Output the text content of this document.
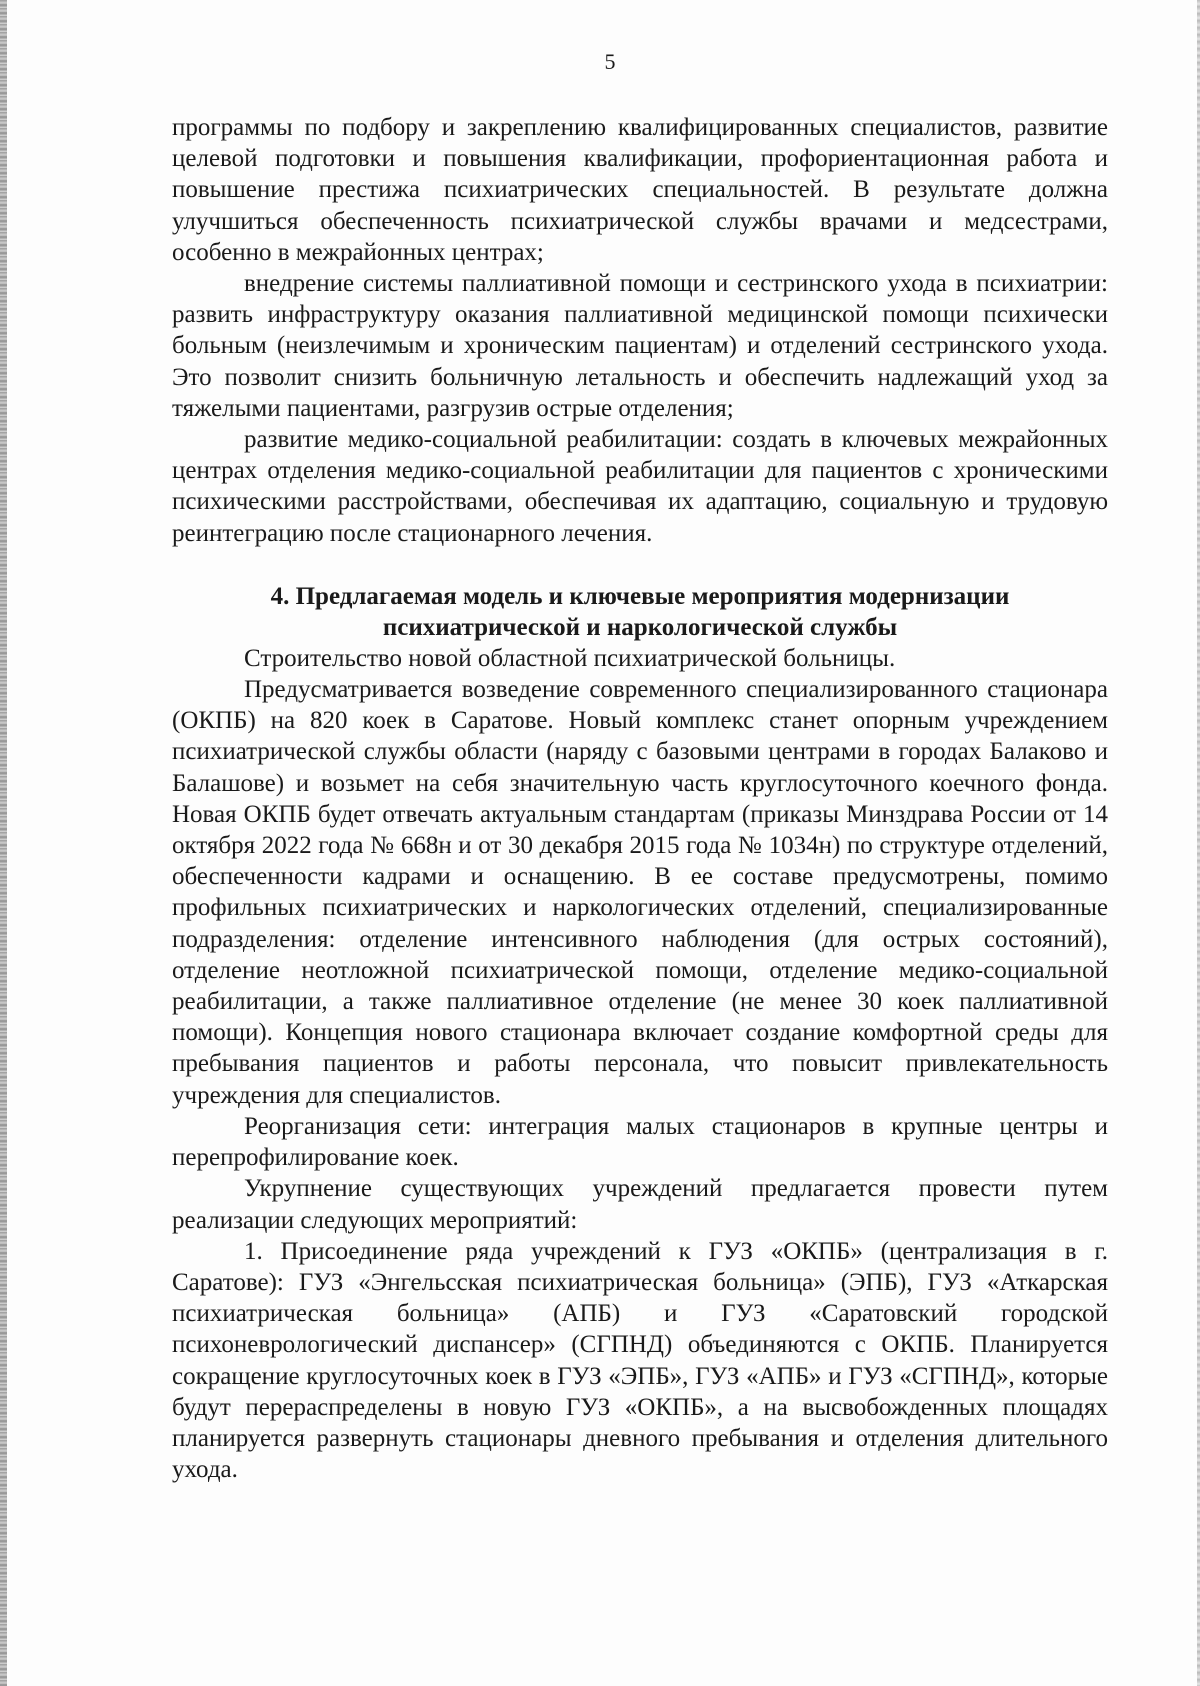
5

программы по подбору и закреплению квалифицированных специалистов, развитие целевой подготовки и повышения квалификации, профориентационная работа и повышение престижа психиатрических специальностей. В результате должна улучшиться обеспеченность психиатрической службы врачами и медсестрами, особенно в межрайонных центрах;

внедрение системы паллиативной помощи и сестринского ухода в психиатрии: развить инфраструктуру оказания паллиативной медицинской помощи психически больным (неизлечимым и хроническим пациентам) и отделений сестринского ухода. Это позволит снизить больничную летальность и обеспечить надлежащий уход за тяжелыми пациентами, разгрузив острые отделения;

развитие медико-социальной реабилитации: создать в ключевых межрайонных центрах отделения медико-социальной реабилитации для пациентов с хроническими психическими расстройствами, обеспечивая их адаптацию, социальную и трудовую реинтеграцию после стационарного лечения.

4. Предлагаемая модель и ключевые мероприятия модернизации психиатрической и наркологической службы

Строительство новой областной психиатрической больницы.

Предусматривается возведение современного специализированного стационара (ОКПБ) на 820 коек в Саратове. Новый комплекс станет опорным учреждением психиатрической службы области (наряду с базовыми центрами в городах Балаково и Балашове) и возьмет на себя значительную часть круглосуточного коечного фонда. Новая ОКПБ будет отвечать актуальным стандартам (приказы Минздрава России от 14 октября 2022 года № 668н и от 30 декабря 2015 года № 1034н) по структуре отделений, обеспеченности кадрами и оснащению. В ее составе предусмотрены, помимо профильных психиатрических и наркологических отделений, специализированные подразделения: отделение интенсивного наблюдения (для острых состояний), отделение неотложной психиатрической помощи, отделение медико-социальной реабилитации, а также паллиативное отделение (не менее 30 коек паллиативной помощи). Концепция нового стационара включает создание комфортной среды для пребывания пациентов и работы персонала, что повысит привлекательность учреждения для специалистов.

Реорганизация сети: интеграция малых стационаров в крупные центры и перепрофилирование коек.

Укрупнение существующих учреждений предлагается провести путем реализации следующих мероприятий:

1. Присоединение ряда учреждений к ГУЗ «ОКПБ» (централизация в г. Саратове): ГУЗ «Энгельсская психиатрическая больница» (ЭПБ), ГУЗ «Аткарская психиатрическая больница» (АПБ) и ГУЗ «Саратовский городской психоневрологический диспансер» (СГПНД) объединяются с ОКПБ. Планируется сокращение круглосуточных коек в ГУЗ «ЭПБ», ГУЗ «АПБ» и ГУЗ «СГПНД», которые будут перераспределены в новую ГУЗ «ОКПБ», а на высвобожденных площадях планируется развернуть стационары дневного пребывания и отделения длительного ухода.
